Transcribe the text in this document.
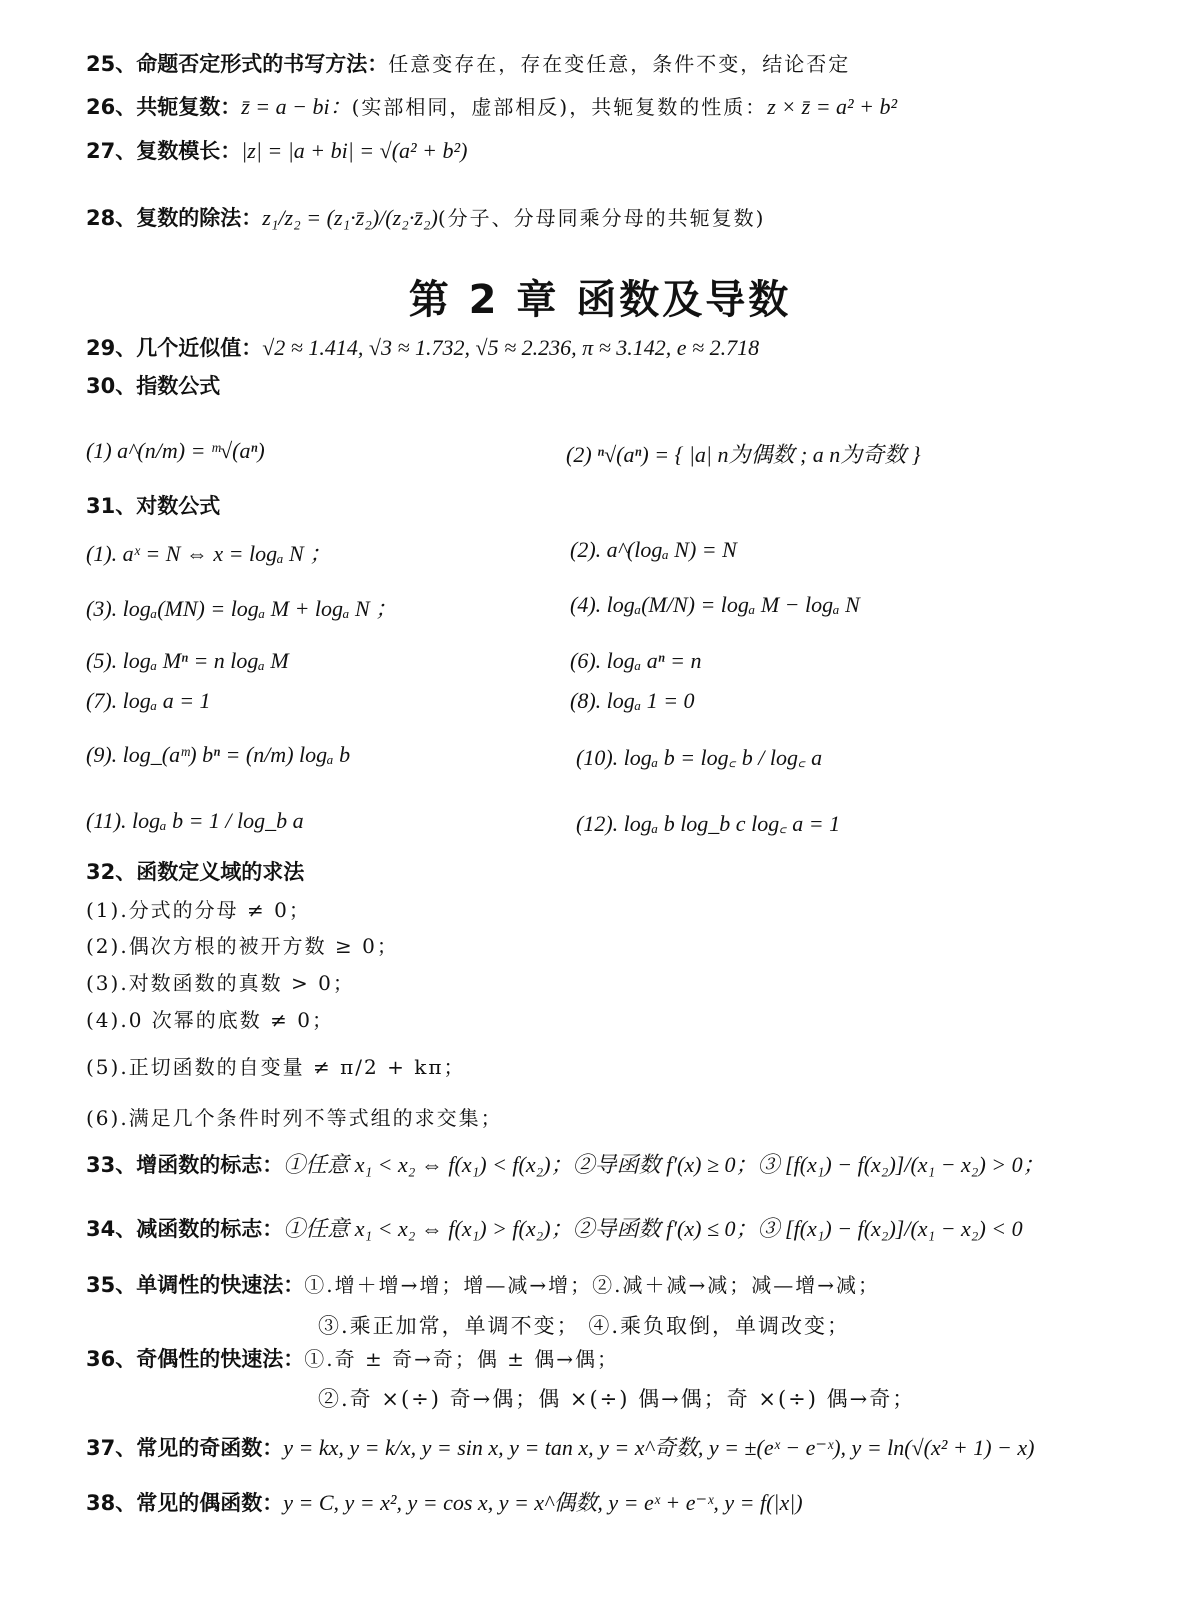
25、命题否定形式的书写方法：任意变存在，存在变任意，条件不变，结论否定
26、共轭复数：z̄ = a − bi：(实部相同，虚部相反)，共轭复数的性质：z × z̄ = a² + b²
27、复数模长：|z| = |a + bi| = √(a² + b²)
28、复数的除法：z₁/z₂ = (z₁·z̄₂)/(z₂·z̄₂)(分子、分母同乘分母的共轭复数)
第 2 章 函数及导数
29、几个近似值：√2 ≈ 1.414, √3 ≈ 1.732, √5 ≈ 2.236, π ≈ 3.142, e ≈ 2.718
30、指数公式
(1) a^(n/m) = ᵐ√(aⁿ)	(2) ⁿ√(aⁿ) = { |a| n为偶数 ; a n为奇数 }
31、对数公式
(1). aˣ = N ⇔ x = logₐ N ；	(2). a^(logₐ N) = N
(3). logₐ(MN) = logₐ M + logₐ N ；	(4). logₐ(M/N) = logₐ M − logₐ N
(5). logₐ Mⁿ = n logₐ M	(6). logₐ aⁿ = n
(7). logₐ a = 1	(8). logₐ 1 = 0
(9). log_(aᵐ) bⁿ = (n/m) logₐ b	(10). logₐ b = log꜀ b / log꜀ a
(11). logₐ b = 1 / log_b a	(12). logₐ b log_b c log꜀ a = 1
32、函数定义域的求法
(1).分式的分母 ≠ 0；
(2).偶次方根的被开方数 ≥ 0；
(3).对数函数的真数 > 0；
(4).0 次幂的底数 ≠ 0；
(5).正切函数的自变量 ≠ π/2 + kπ；
(6).满足几个条件时列不等式组的求交集；
33、增函数的标志：①任意 x₁ < x₂ ⇔ f(x₁) < f(x₂)；②导函数 f′(x) ≥ 0；③ [f(x₁) − f(x₂)]/(x₁ − x₂) > 0；
34、减函数的标志：①任意 x₁ < x₂ ⇔ f(x₁) > f(x₂)；②导函数 f′(x) ≤ 0；③ [f(x₁) − f(x₂)]/(x₁ − x₂) < 0
35、单调性的快速法：①.增＋增→增；增—减→增；②.减＋减→减；减—增→减；
③.乘正加常，单调不变； ④.乘负取倒，单调改变；
36、奇偶性的快速法：①.奇 ± 奇→奇；偶 ± 偶→偶；
②.奇 ×(÷) 奇→偶；偶 ×(÷) 偶→偶；奇 ×(÷) 偶→奇；
37、常见的奇函数：y = kx, y = k/x, y = sin x, y = tan x, y = x^奇数, y = ±(eˣ − e⁻ˣ), y = ln(√(x² + 1) − x)
38、常见的偶函数：y = C, y = x², y = cos x, y = x^偶数, y = eˣ + e⁻ˣ, y = f(|x|)
